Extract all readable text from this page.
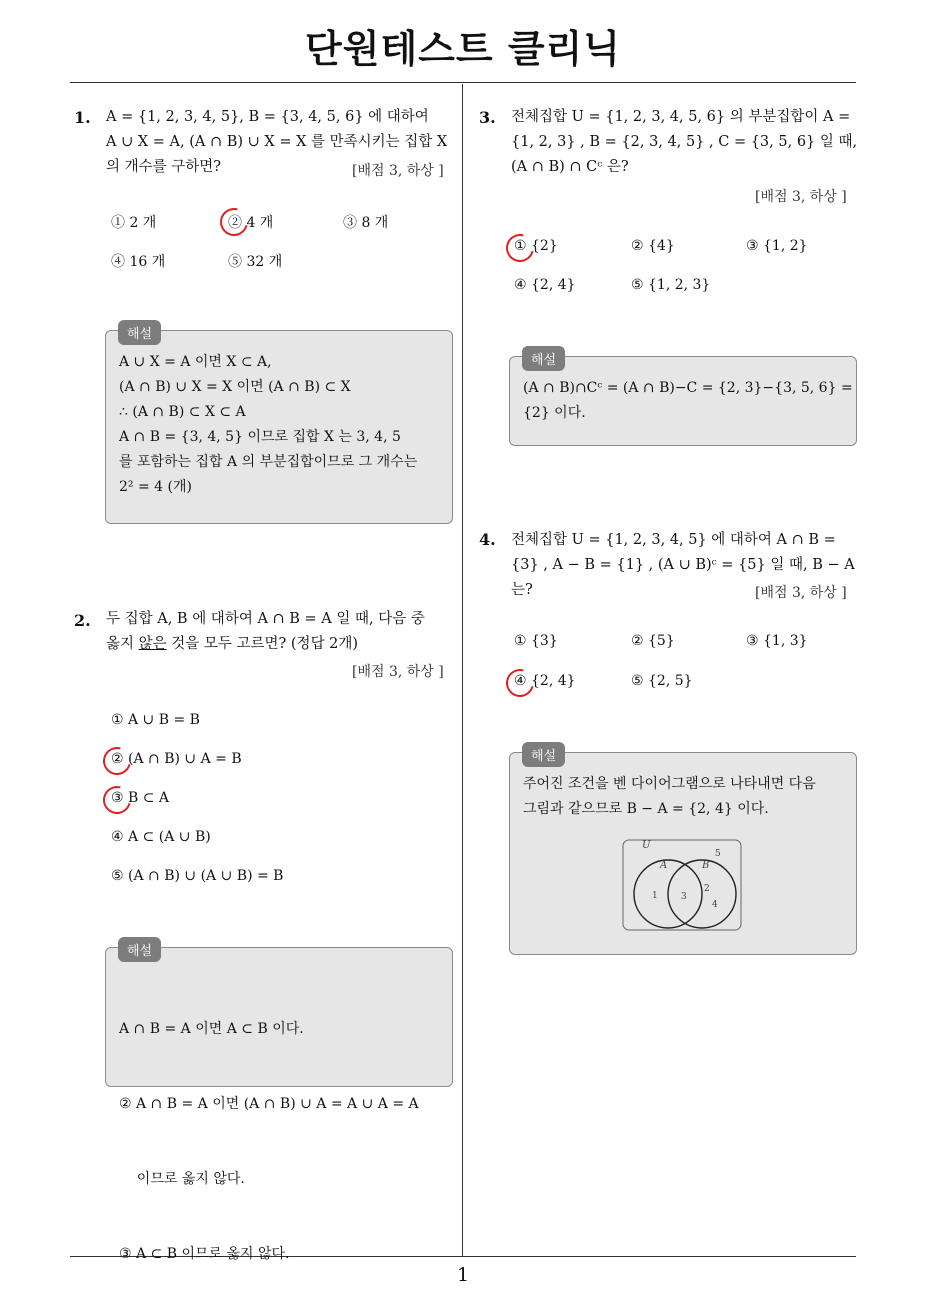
단원테스트 클리닉
1
1. A = {1, 2, 3, 4, 5}, B = {3, 4, 5, 6} 에 대하여
A ∪ X = A, (A ∩ B) ∪ X = X 를 만족시키는 집합 X
의 개수를 구하면?	[배점 3, 하상 ]
① 2 개	② 4 개	③ 8 개
④ 16 개	⑤ 32 개
해설
A ∪ X = A 이면 X ⊂ A,
(A ∩ B) ∪ X = X 이면 (A ∩ B) ⊂ X
∴ (A ∩ B) ⊂ X ⊂ A
A ∩ B = {3, 4, 5} 이므로 집합 X 는 3, 4, 5
를 포함하는 집합 A 의 부분집합이므로 그 개수는
2² = 4 (개)
2. 두 집합 A, B 에 대하여 A ∩ B = A 일 때, 다음 중
옳지 않은 것을 모두 고르면? (정답 2개)
[배점 3, 하상 ]
① A ∪ B = B
② (A ∩ B) ∪ A = B
③ B ⊂ A
④ A ⊂ (A ∪ B)
⑤ (A ∩ B) ∪ (A ∪ B) = B
해설

A ∩ B = A 이면 A ⊂ B 이다.

② A ∩ B = A 이면 (A ∩ B) ∪ A = A ∪ A = A

이므로 옳지 않다.

③ A ⊂ B 이므로 옳지 않다.

3. 전체집합 U = {1, 2, 3, 4, 5, 6} 의 부분집합이 A =
{1, 2, 3} , B = {2, 3, 4, 5} , C = {3, 5, 6} 일 때,
(A ∩ B) ∩ Cᶜ 은?
[배점 3, 하상 ]
① {2}	② {4}	③ {1, 2}
④ {2, 4}	⑤ {1, 2, 3}
해설
(A ∩ B)∩Cᶜ = (A ∩ B)−C = {2, 3}−{3, 5, 6} =
{2} 이다.
4. 전체집합 U = {1, 2, 3, 4, 5} 에 대하여 A ∩ B =
{3} , A − B = {1} , (A ∪ B)ᶜ = {5} 일 때, B − A
는?	[배점 3, 하상 ]
① {3}	② {5}	③ {1, 3}
④ {2, 4}	⑤ {2, 5}
해설
주어진 조건을 벤 다이어그램으로 나타내면 다음
그림과 같으므로 B − A = {2, 4} 이다.
U
A	B
1	3
2
4
5
